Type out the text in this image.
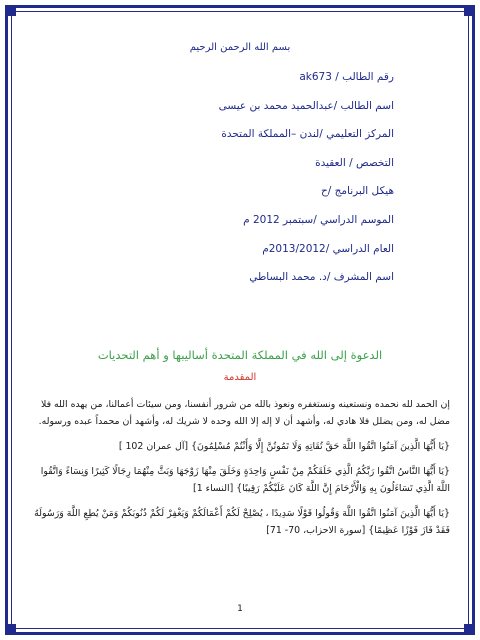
بسم الله الرحمن الرحيم
رقم الطالب / ak673
اسم الطالب /عبدالحميد محمد بن عيسى
المركز التعليمي /لندن –المملكة المتحدة
التخصص / العقيدة
هيكل البرنامج /ح
الموسم الدراسي /سبتمبر 2012 م
العام الدراسي /2013/2012م
اسم المشرف /د. محمد البساطي
الدعوة إلى الله في المملكة المتحدة أساليبها و أهم التحديات
المقدمة

إن الحمد لله نحمده ونستعينه ونستغفره ونعوذ بالله من شرور أنفسنا، ومن سيئات أعمالنا، من يهده الله فلا مضل له، ومن يضلل فلا هادي له، وأشهد أن لا إله إلا الله وحده لا شريك له، وأشهد أن محمداً عبده ورسوله.

{يَا أَيُّهَا الَّذِينَ آمَنُوا اتَّقُوا اللَّهَ حَقَّ تُقَاتِهِ وَلَا تَمُوتُنَّ إِلَّا وَأَنْتُمْ مُسْلِمُونَ} [آل عمران 102 ]

{يَا أَيُّهَا النَّاسُ اتَّقُوا رَبَّكُمُ الَّذِي خَلَقَكُمْ مِنْ نَفْسٍ وَاحِدَةٍ وَخَلَقَ مِنْهَا زَوْجَهَا وَبَثَّ مِنْهُمَا رِجَالًا كَثِيرًا وَنِسَاءً وَاتَّقُوا اللَّهَ الَّذِي تَسَاءَلُونَ بِهِ وَالْأَرْحَامَ إِنَّ اللَّهَ كَانَ عَلَيْكُمْ رَقِيبًا} [النساء 1]

{يَا أَيُّهَا الَّذِينَ آمَنُوا اتَّقُوا اللَّهَ وَقُولُوا قَوْلًا سَدِيدًا ، يُصْلِحْ لَكُمْ أَعْمَالَكُمْ وَيَغْفِرْ لَكُمْ ذُنُوبَكُمْ وَمَنْ يُطِعِ اللَّهَ وَرَسُولَهُ فَقَدْ فَازَ فَوْزًا عَظِيمًا} [سورة الاحزاب، 70- 71]

1
